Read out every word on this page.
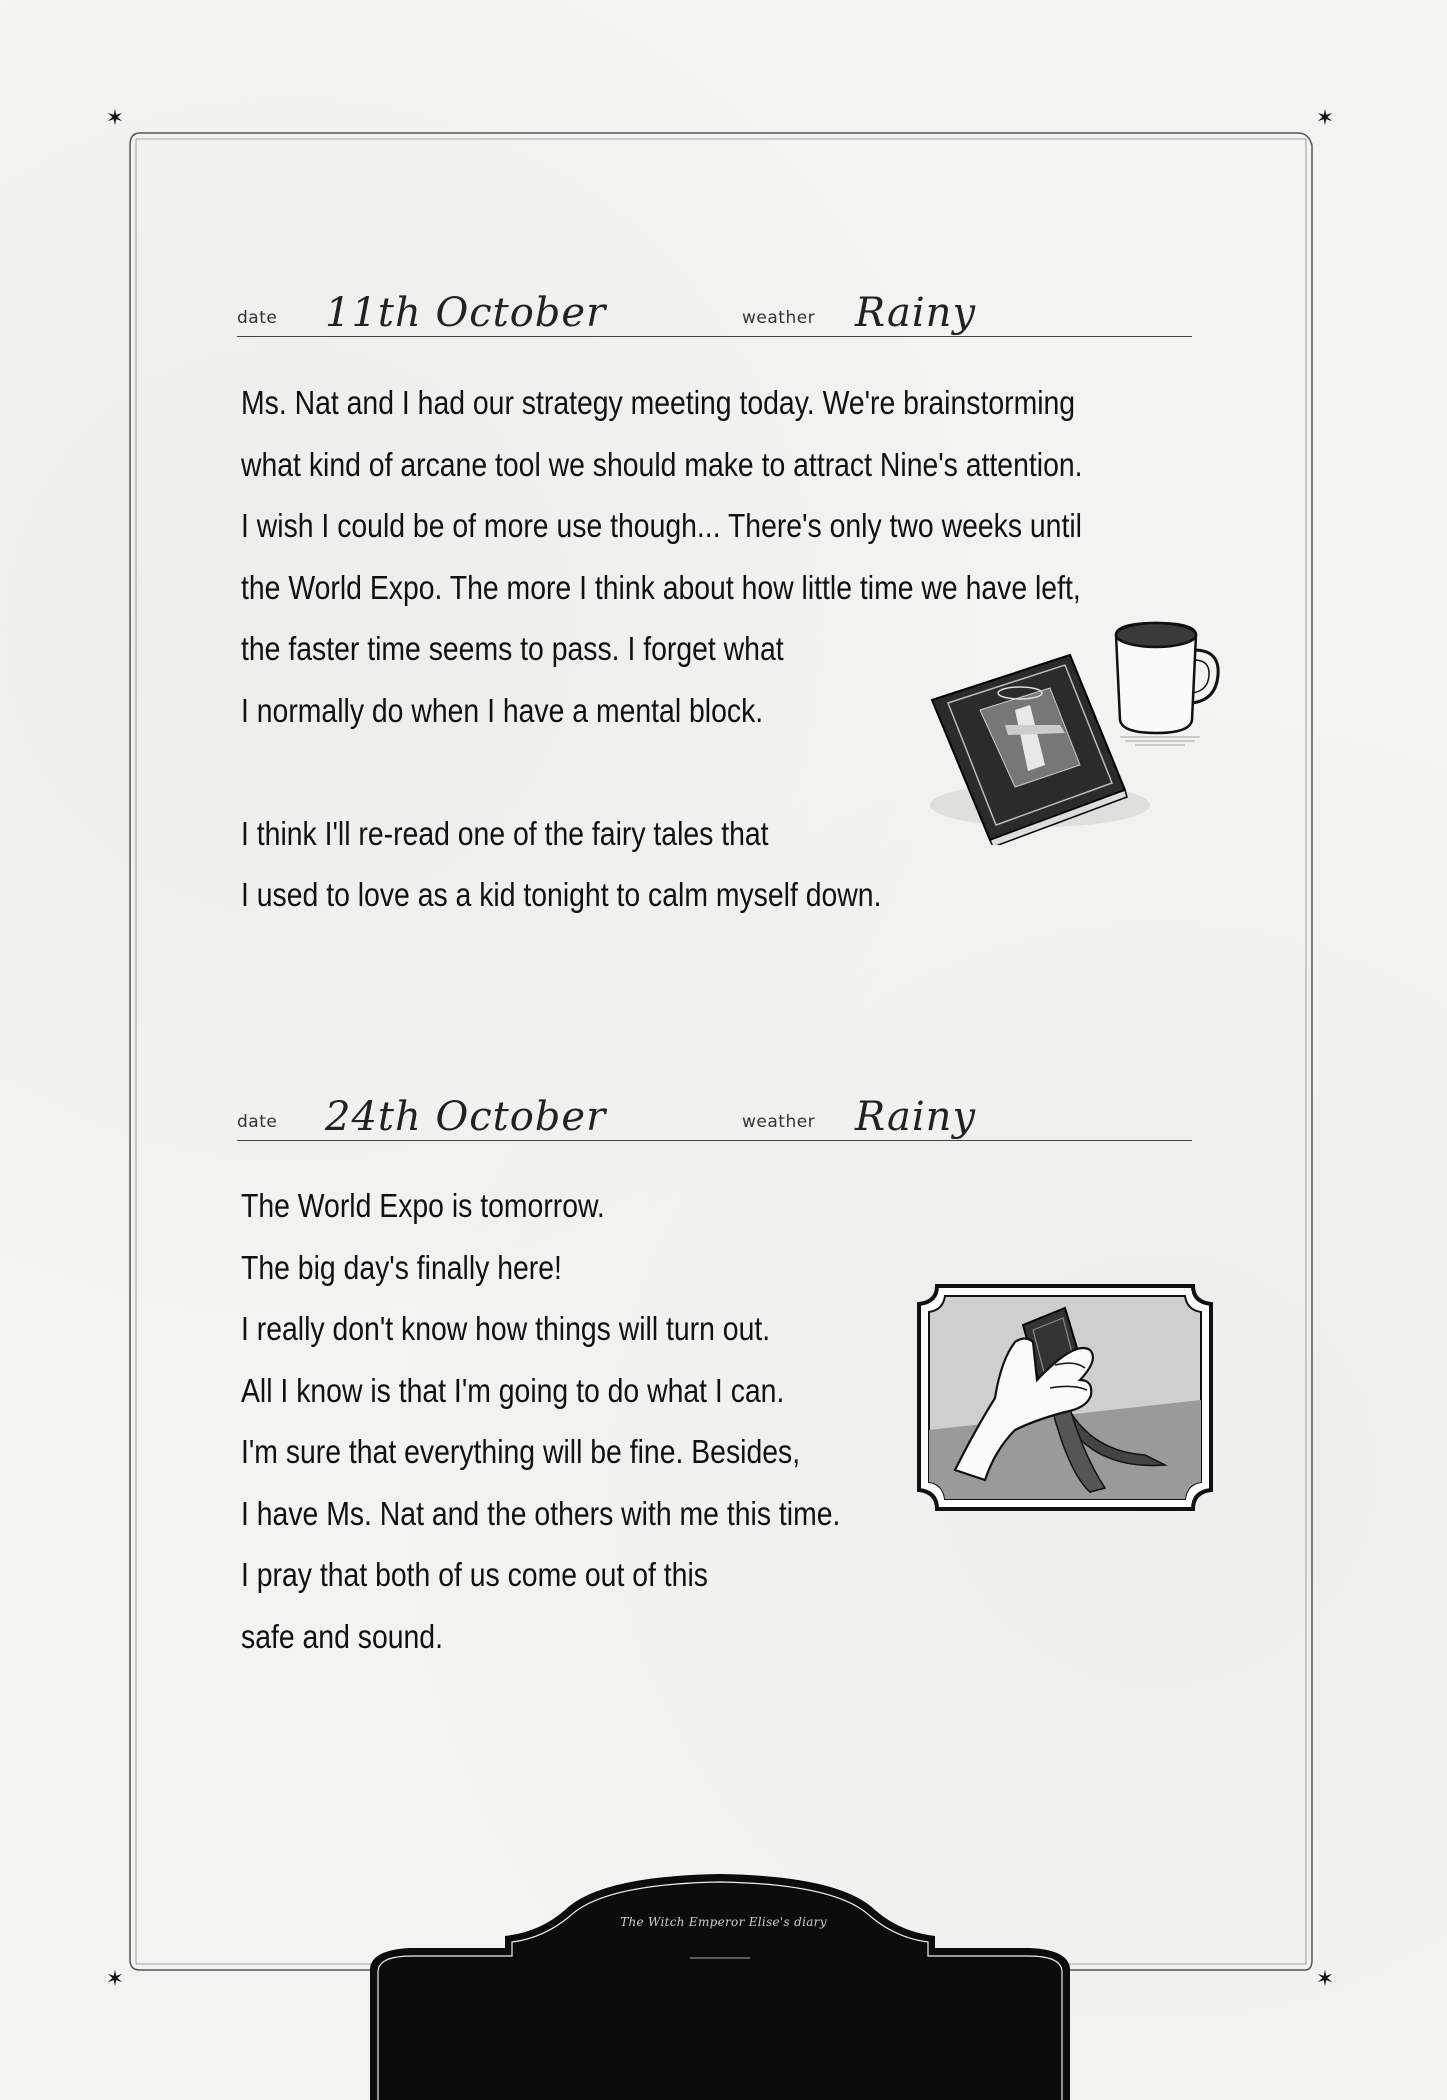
✶	✶
✶	✶
date 11th October	weather Rainy
Ms. Nat and I had our strategy meeting today. We're brainstorming
what kind of arcane tool we should make to attract Nine's attention.
I wish I could be of more use though... There's only two weeks until
the World Expo. The more I think about how little time we have left,
the faster time seems to pass. I forget what
I normally do when I have a mental block.
I think I'll re-read one of the fairy tales that
I used to love as a kid tonight to calm myself down.
date 24th October	weather Rainy
The World Expo is tomorrow.
The big day's finally here!
I really don't know how things will turn out.
All I know is that I'm going to do what I can.
I'm sure that everything will be fine. Besides,
I have Ms. Nat and the others with me this time.
I pray that both of us come out of this
safe and sound.
The Witch Emperor Elise's diary
